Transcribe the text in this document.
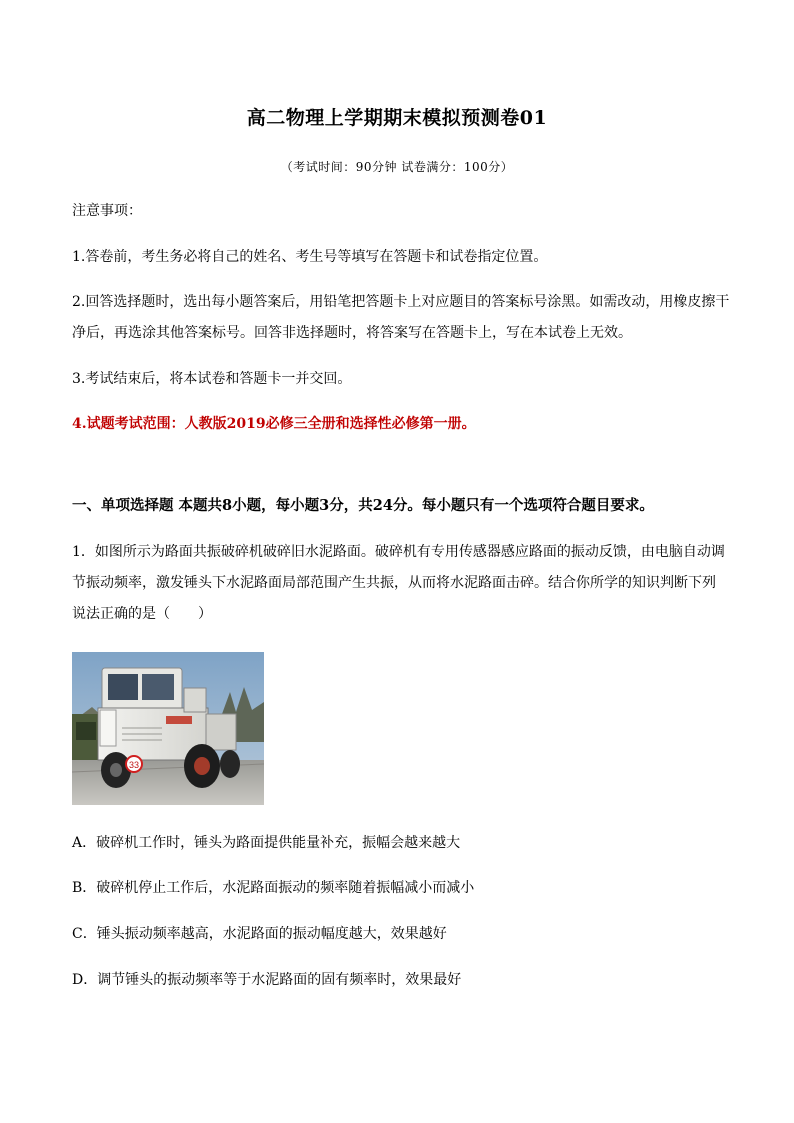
高二物理上学期期末模拟预测卷01
（考试时间：90分钟 试卷满分：100分）
注意事项：
1.答卷前，考生务必将自己的姓名、考生号等填写在答题卡和试卷指定位置。
2.回答选择题时，选出每小题答案后，用铅笔把答题卡上对应题目的答案标号涂黑。如需改动，用橡皮擦干
净后，再选涂其他答案标号。回答非选择题时，将答案写在答题卡上，写在本试卷上无效。
3.考试结束后，将本试卷和答题卡一并交回。
4.试题考试范围：人教版2019必修三全册和选择性必修第一册。
一、单项选择题 本题共8小题，每小题3分，共24分。每小题只有一个选项符合题目要求。
1．如图所示为路面共振破碎机破碎旧水泥路面。破碎机有专用传感器感应路面的振动反馈，由电脑自动调
节振动频率，激发锤头下水泥路面局部范围产生共振，从而将水泥路面击碎。结合你所学的知识判断下列
说法正确的是（　　）
33
A．破碎机工作时，锤头为路面提供能量补充，振幅会越来越大
B．破碎机停止工作后，水泥路面振动的频率随着振幅减小而减小
C．锤头振动频率越高，水泥路面的振动幅度越大，效果越好
D．调节锤头的振动频率等于水泥路面的固有频率时，效果最好
